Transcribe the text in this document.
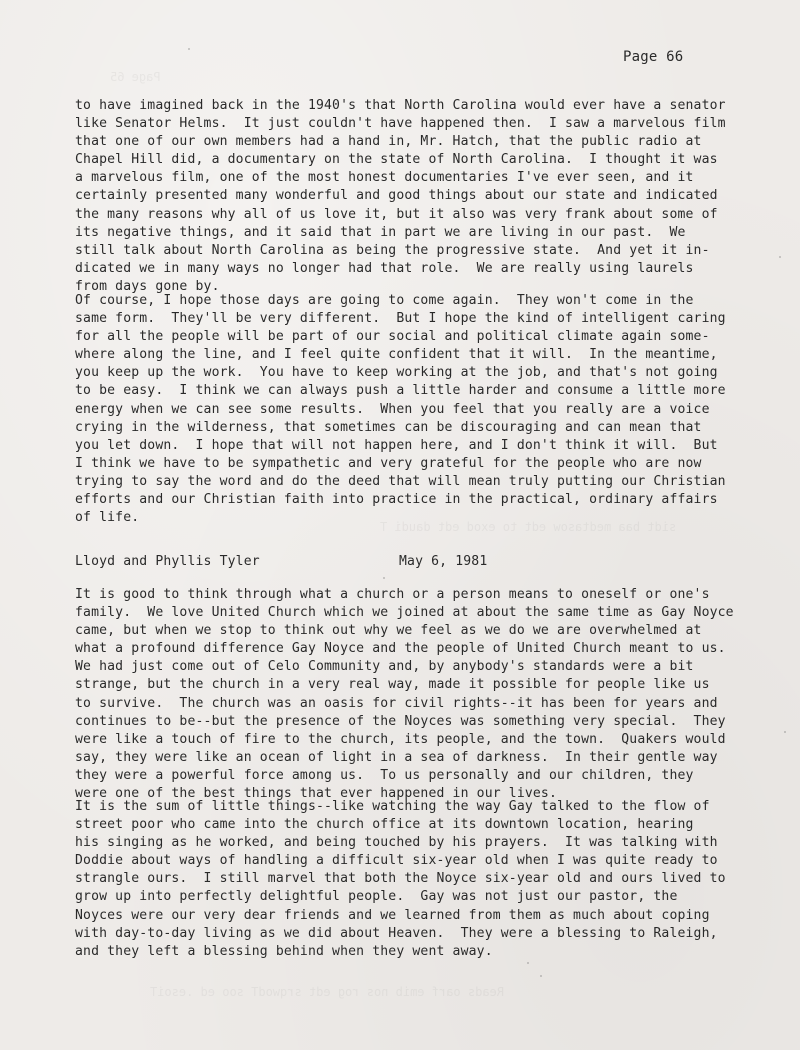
Page 65
sidt baa medtasow edt to exod edt daudi T
Reads oarf emib nos rog edt srqwodT soo ed .esoiT
Page 66

to have imagined back in the 1940's that North Carolina would ever have a senator
like Senator Helms.  It just couldn't have happened then.  I saw a marvelous film
that one of our own members had a hand in, Mr. Hatch, that the public radio at
Chapel Hill did, a documentary on the state of North Carolina.  I thought it was
a marvelous film, one of the most honest documentaries I've ever seen, and it
certainly presented many wonderful and good things about our state and indicated
the many reasons why all of us love it, but it also was very frank about some of
its negative things, and it said that in part we are living in our past.  We
still talk about North Carolina as being the progressive state.  And yet it in-
dicated we in many ways no longer had that role.  We are really using laurels
from days gone by.

Of course, I hope those days are going to come again.  They won't come in the
same form.  They'll be very different.  But I hope the kind of intelligent caring
for all the people will be part of our social and political climate again some-
where along the line, and I feel quite confident that it will.  In the meantime,
you keep up the work.  You have to keep working at the job, and that's not going
to be easy.  I think we can always push a little harder and consume a little more
energy when we can see some results.  When you feel that you really are a voice
crying in the wilderness, that sometimes can be discouraging and can mean that
you let down.  I hope that will not happen here, and I don't think it will.  But
I think we have to be sympathetic and very grateful for the people who are now
trying to say the word and do the deed that will mean truly putting our Christian
efforts and our Christian faith into practice in the practical, ordinary affairs
of life.

Lloyd and Phyllis Tyler	May 6, 1981

It is good to think through what a church or a person means to oneself or one's
family.  We love United Church which we joined at about the same time as Gay Noyce
came, but when we stop to think out why we feel as we do we are overwhelmed at
what a profound difference Gay Noyce and the people of United Church meant to us.
We had just come out of Celo Community and, by anybody's standards were a bit
strange, but the church in a very real way, made it possible for people like us
to survive.  The church was an oasis for civil rights--it has been for years and
continues to be--but the presence of the Noyces was something very special.  They
were like a touch of fire to the church, its people, and the town.  Quakers would
say, they were like an ocean of light in a sea of darkness.  In their gentle way
they were a powerful force among us.  To us personally and our children, they
were one of the best things that ever happened in our lives.

It is the sum of little things--like watching the way Gay talked to the flow of
street poor who came into the church office at its downtown location, hearing
his singing as he worked, and being touched by his prayers.  It was talking with
Doddie about ways of handling a difficult six-year old when I was quite ready to
strangle ours.  I still marvel that both the Noyce six-year old and ours lived to
grow up into perfectly delightful people.  Gay was not just our pastor, the
Noyces were our very dear friends and we learned from them as much about coping
with day-to-day living as we did about Heaven.  They were a blessing to Raleigh,
and they left a blessing behind when they went away.
